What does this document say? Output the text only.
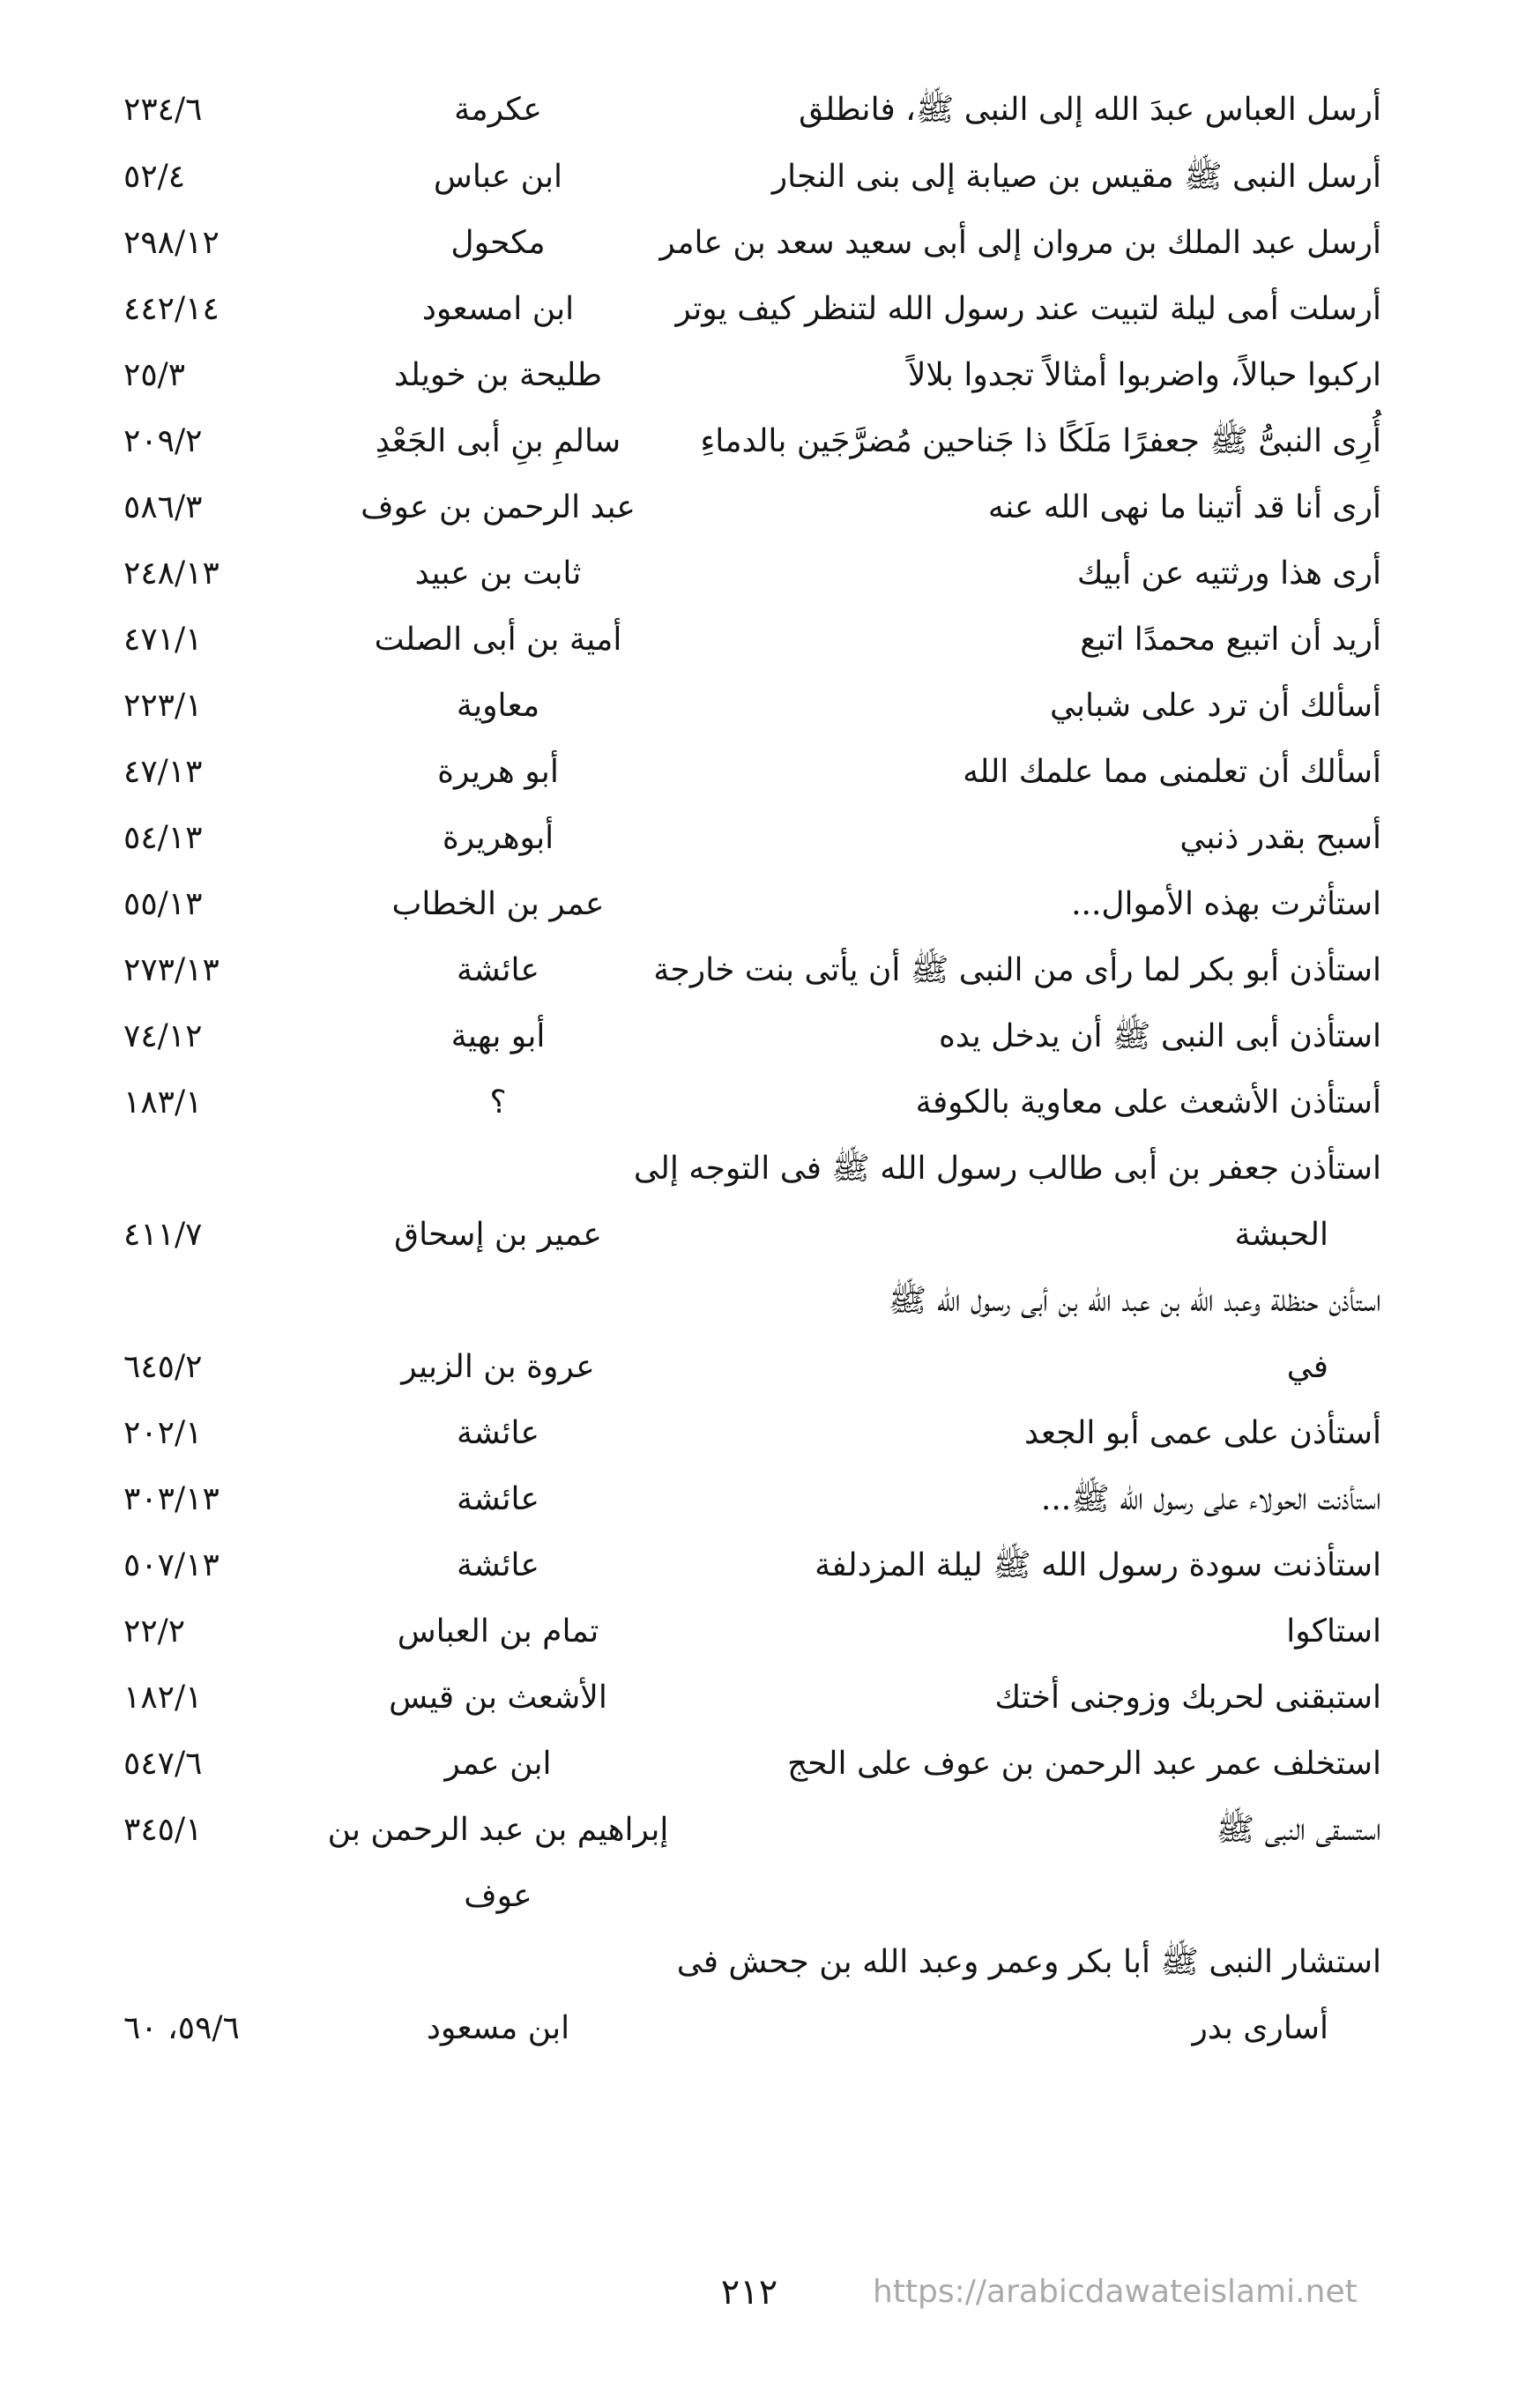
أرسل العباس عبدَ الله إلى النبى ﷺ، فانطلق
عكرمة
٢٣٤/٦
أرسل النبى ﷺ مقيس بن صيابة إلى بنى النجار
ابن عباس
٥٢/٤
أرسل عبد الملك بن مروان إلى أبى سعيد سعد بن عامر
مكحول
٢٩٨/١٢
أرسلت أمى ليلة لتبيت عند رسول الله لتنظر كيف يوتر
ابن امسعود
٤٤٢/١٤
اركبوا حبالاً، واضربوا أمثالاً تجدوا بلالاً
طليحة بن خويلد
٢٥/٣
أُرِى النبىُّ ﷺ جعفرًا مَلَكًا ذا جَناحين مُضرَّجَين بالدماءِ
سالمِ بنِ أبى الجَعْدِ
٢٠٩/٢
أرى أنا قد أتينا ما نهى الله عنه
عبد الرحمن بن عوف
٥٨٦/٣
أرى هذا ورثتيه عن أبيك
ثابت بن عبيد
٢٤٨/١٣
أريد أن اتبيع محمدًا اتبع
أمية بن أبى الصلت
٤٧١/١
أسألك أن ترد على شبابي
معاوية
٢٢٣/١
أسألك أن تعلمنى مما علمك الله
أبو هريرة
٤٧/١٣
أسبح بقدر ذنبي
أبوهريرة
٥٤/١٣
استأثرت بهذه الأموال...
عمر بن الخطاب
٥٥/١٣
استأذن أبو بكر لما رأى من النبى ﷺ أن يأتى بنت خارجة
عائشة
٢٧٣/١٣
استأذن أبى النبى ﷺ أن يدخل يده
أبو بهية
٧٤/١٢
أستأذن الأشعث على معاوية بالكوفة
؟
١٨٣/١
استأذن جعفر بن أبى طالب رسول الله ﷺ فى التوجه إلى
الحبشة
عمير بن إسحاق
٤١١/٧
استأذن حنظلة وعبد الله بن عبد الله بن أبى رسول الله ﷺ
في
عروة بن الزبير
٦٤٥/٢
أستأذن على عمى أبو الجعد
عائشة
٢٠٢/١
استأذنت الحولاء على رسول الله ﷺ...
عائشة
٣٠٣/١٣
استأذنت سودة رسول الله ﷺ ليلة المزدلفة
عائشة
٥٠٧/١٣
استاكوا
تمام بن العباس
٢٢/٢
استبقنى لحربك وزوجنى أختك
الأشعث بن قيس
١٨٢/١
استخلف عمر عبد الرحمن بن عوف على الحج
ابن عمر
٥٤٧/٦
استسقى النبى ﷺ
إبراهيم بن عبد الرحمن بن
٣٤٥/١
عوف
استشار النبى ﷺ أبا بكر وعمر وعبد الله بن جحش فى
أسارى بدر
ابن مسعود
٥٩/٦، ٦٠
٢١٢	https://arabicdawateislami.net
